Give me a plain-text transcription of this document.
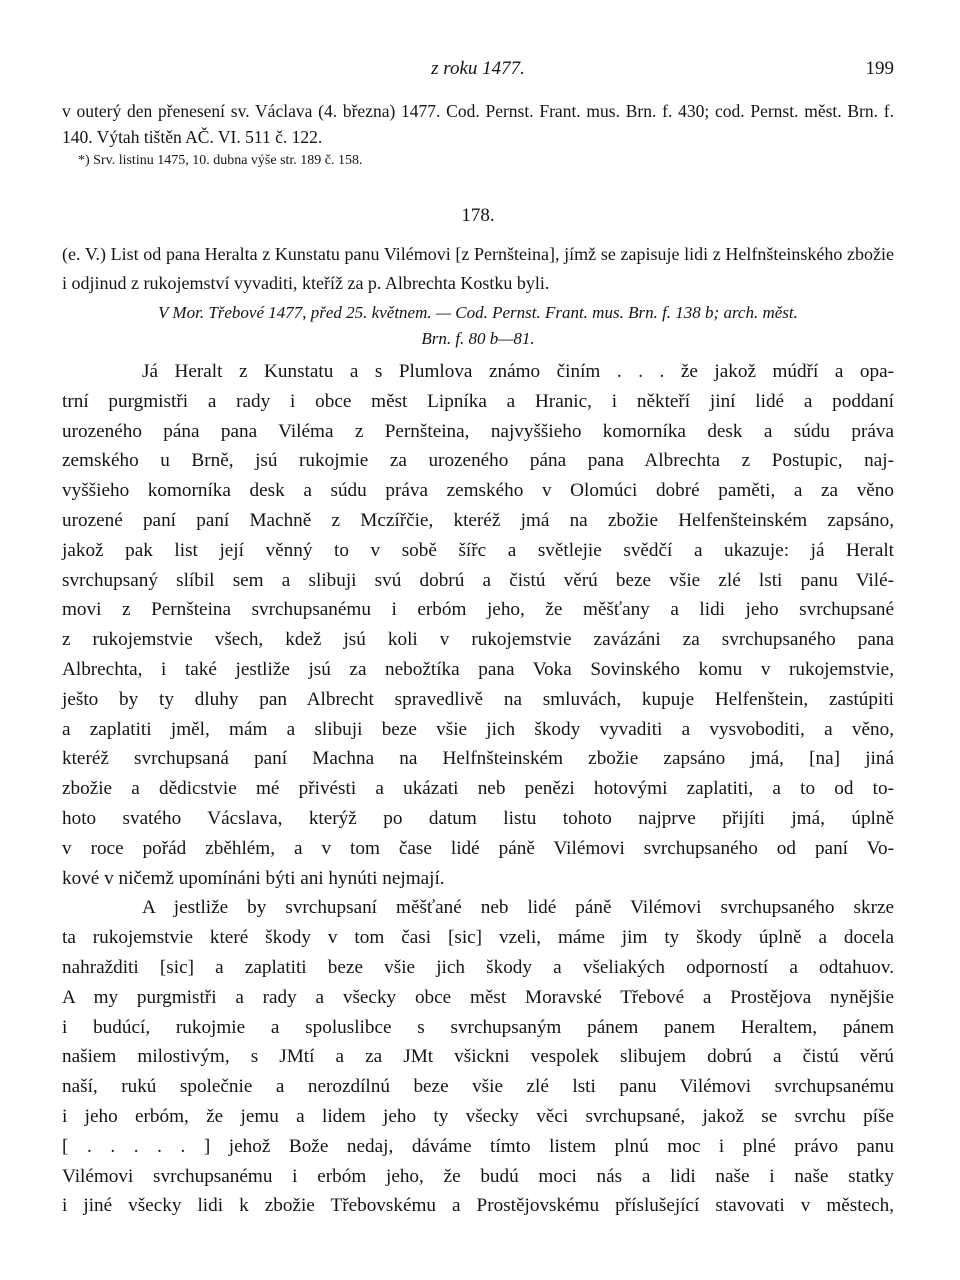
z roku 1477.	199
v outerý den přenesení sv. Václava (4. března) 1477. Cod. Pernst. Frant. mus. Brn. f. 430; cod. Pernst. měst. Brn. f. 140. Výtah tištěn AČ. VI. 511 č. 122.
*) Srv. listinu 1475, 10. dubna výše str. 189 č. 158.
178.
(e. V.) List od pana Heralta z Kunstatu panu Vilémovi [z Pernšteina], jímž se zapisuje lidi z Helfnšteinského zbožie i odjinud z rukojemství vyvaditi, kteříž za p. Albrechta Kostku byli.
V Mor. Třebové 1477, před 25. květnem. — Cod. Pernst. Frant. mus. Brn. f. 138 b; arch. měst.
Brn. f. 80 b—81.
Já Heralt z Kunstatu a s Plumlova známo činím . . . že jakož múdří a opa-
trní purgmistři a rady i obce měst Lipníka a Hranic, i někteří jiní lidé a poddaní
urozeného pána pana Viléma z Pernšteina, najvyššieho komorníka desk a súdu práva
zemského u Brně, jsú rukojmie za urozeného pána pana Albrechta z Postupic, naj-
vyššieho komorníka desk a súdu práva zemského v Olomúci dobré paměti, a za věno
urozené paní paní Machně z Mczířčie, kteréž jmá na zbožie Helfenšteinském zapsáno,
jakož pak list její věnný to v sobě šířc a světlejie svědčí a ukazuje: já Heralt
svrchupsaný slíbil sem a slibuji svú dobrú a čistú věrú beze všie zlé lsti panu Vilé-
movi z Pernšteina svrchupsanému i erbóm jeho, že měšťany a lidi jeho svrchupsané
z rukojemstvie všech, kdež jsú koli v rukojemstvie zavázáni za svrchupsaného pana
Albrechta, i také jestliže jsú za nebožtíka pana Voka Sovinského komu v rukojemstvie,
ješto by ty dluhy pan Albrecht spravedlivě na smluvách, kupuje Helfenštein, zastúpiti
a zaplatiti jměl, mám a slibuji beze všie jich škody vyvaditi a vysvoboditi, a věno,
kteréž svrchupsaná paní Machna na Helfnšteinském zbožie zapsáno jmá, [na] jiná
zbožie a dědicstvie mé přivésti a ukázati neb penězi hotovými zaplatiti, a to od to-
hoto svatého Vácslava, kterýž po datum listu tohoto najprve přijíti jmá, úplně
v roce pořád zběhlém, a v tom čase lidé páně Vilémovi svrchupsaného od paní Vo-
kové v ničemž upomínáni býti ani hynúti nejmají.
A jestliže by svrchupsaní měšťané neb lidé páně Vilémovi svrchupsaného skrze
ta rukojemstvie které škody v tom časi [sic] vzeli, máme jim ty škody úplně a docela
nahražditi [sic] a zaplatiti beze všie jich škody a všeliakých odporností a odtahuov.
A my purgmistři a rady a všecky obce měst Moravské Třebové a Prostějova nynějšie
i budúcí, rukojmie a spoluslibce s svrchupsaným pánem panem Heraltem, pánem
našiem milostivým, s JMtí a za JMt všickni vespolek slibujem dobrú a čistú věrú
naší, rukú společnie a nerozdílnú beze všie zlé lsti panu Vilémovi svrchupsanému
i jeho erbóm, že jemu a lidem jeho ty všecky věci svrchupsané, jakož se svrchu píše
[ . . . . . ] jehož Bože nedaj, dáváme tímto listem plnú moc i plné právo panu
Vilémovi svrchupsanému i erbóm jeho, že budú moci nás a lidi naše i naše statky
i jiné všecky lidi k zbožie Třebovskému a Prostějovskému příslušející stavovati v městech,
